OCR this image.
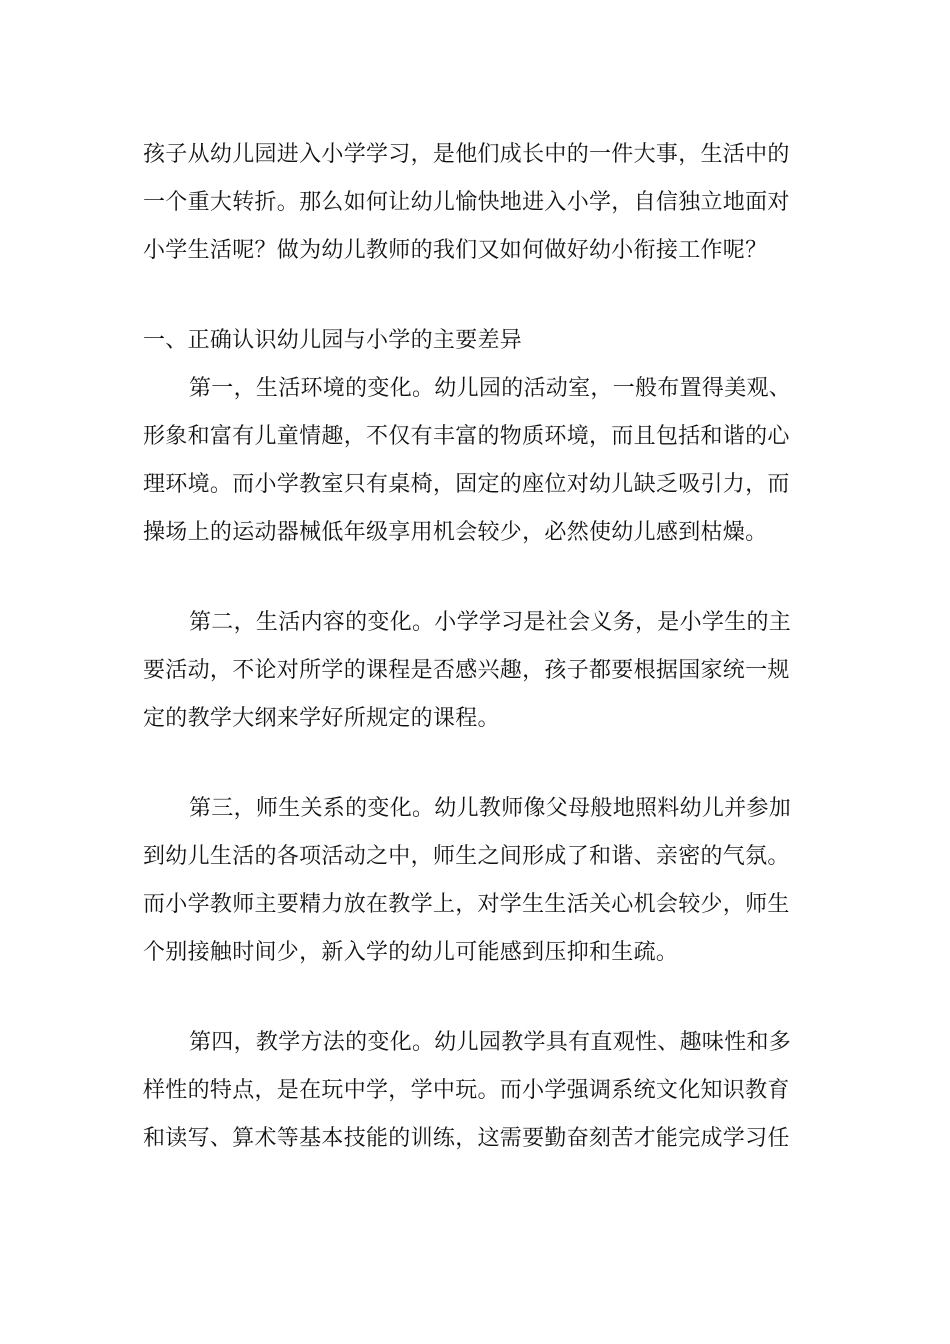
孩子从幼儿园进入小学学习，是他们成长中的一件大事，生活中的
一个重大转折。那么如何让幼儿愉快地进入小学，自信独立地面对
小学生活呢？做为幼儿教师的我们又如何做好幼小衔接工作呢？
一、正确认识幼儿园与小学的主要差异
第一，生活环境的变化。幼儿园的活动室，一般布置得美观、
形象和富有儿童情趣，不仅有丰富的物质环境，而且包括和谐的心
理环境。而小学教室只有桌椅，固定的座位对幼儿缺乏吸引力，而
操场上的运动器械低年级享用机会较少，必然使幼儿感到枯燥。
第二，生活内容的变化。小学学习是社会义务，是小学生的主
要活动，不论对所学的课程是否感兴趣，孩子都要根据国家统一规
定的教学大纲来学好所规定的课程。
第三，师生关系的变化。幼儿教师像父母般地照料幼儿并参加
到幼儿生活的各项活动之中，师生之间形成了和谐、亲密的气氛。
而小学教师主要精力放在教学上，对学生生活关心机会较少，师生
个别接触时间少，新入学的幼儿可能感到压抑和生疏。
第四，教学方法的变化。幼儿园教学具有直观性、趣味性和多
样性的特点，是在玩中学，学中玩。而小学强调系统文化知识教育
和读写、算术等基本技能的训练，这需要勤奋刻苦才能完成学习任
